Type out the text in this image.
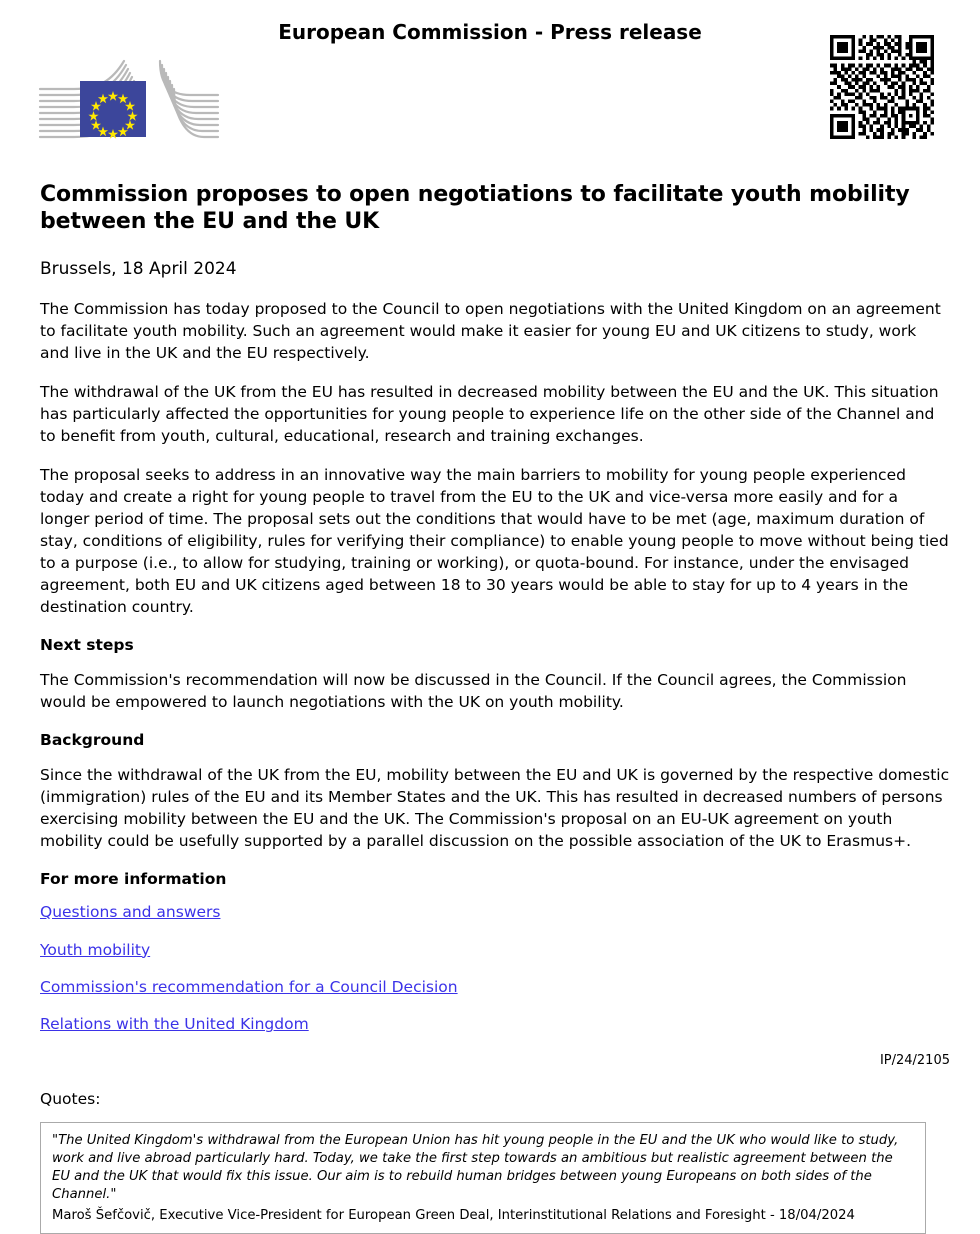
European Commission - Press release
Commission proposes to open negotiations to facilitate youth mobility between the EU and the UK
Brussels, 18 April 2024

The Commission has today proposed to the Council to open negotiations with the United Kingdom on an agreement to facilitate youth mobility. Such an agreement would make it easier for young EU and UK citizens to study, work and live in the UK and the EU respectively.

The withdrawal of the UK from the EU has resulted in decreased mobility between the EU and the UK. This situation has particularly affected the opportunities for young people to experience life on the other side of the Channel and to benefit from youth, cultural, educational, research and training exchanges.

The proposal seeks to address in an innovative way the main barriers to mobility for young people experienced today and create a right for young people to travel from the EU to the UK and vice-versa more easily and for a longer period of time. The proposal sets out the conditions that would have to be met (age, maximum duration of stay, conditions of eligibility, rules for verifying their compliance) to enable young people to move without being tied to a purpose (i.e., to allow for studying, training or working), or quota-bound. For instance, under the envisaged agreement, both EU and UK citizens aged between 18 to 30 years would be able to stay for up to 4 years in the destination country.

Next steps

The Commission's recommendation will now be discussed in the Council. If the Council agrees, the Commission would be empowered to launch negotiations with the UK on youth mobility.

Background

Since the withdrawal of the UK from the EU, mobility between the EU and UK is governed by the respective domestic (immigration) rules of the EU and its Member States and the UK. This has resulted in decreased numbers of persons exercising mobility between the EU and the UK. The Commission's proposal on an EU-UK agreement on youth mobility could be usefully supported by a parallel discussion on the possible association of the UK to Erasmus+.

For more information
Questions and answers
Youth mobility
Commission's recommendation for a Council Decision
Relations with the United Kingdom
IP/24/2105
Quotes:

"The United Kingdom's withdrawal from the European Union has hit young people in the EU and the UK who would like to study, work and live abroad particularly hard. Today, we take the first step towards an ambitious but realistic agreement between the EU and the UK that would fix this issue. Our aim is to rebuild human bridges between young Europeans on both sides of the Channel."

Maroš Šefčovič, Executive Vice-President for European Green Deal, Interinstitutional Relations and Foresight - 18/04/2024
